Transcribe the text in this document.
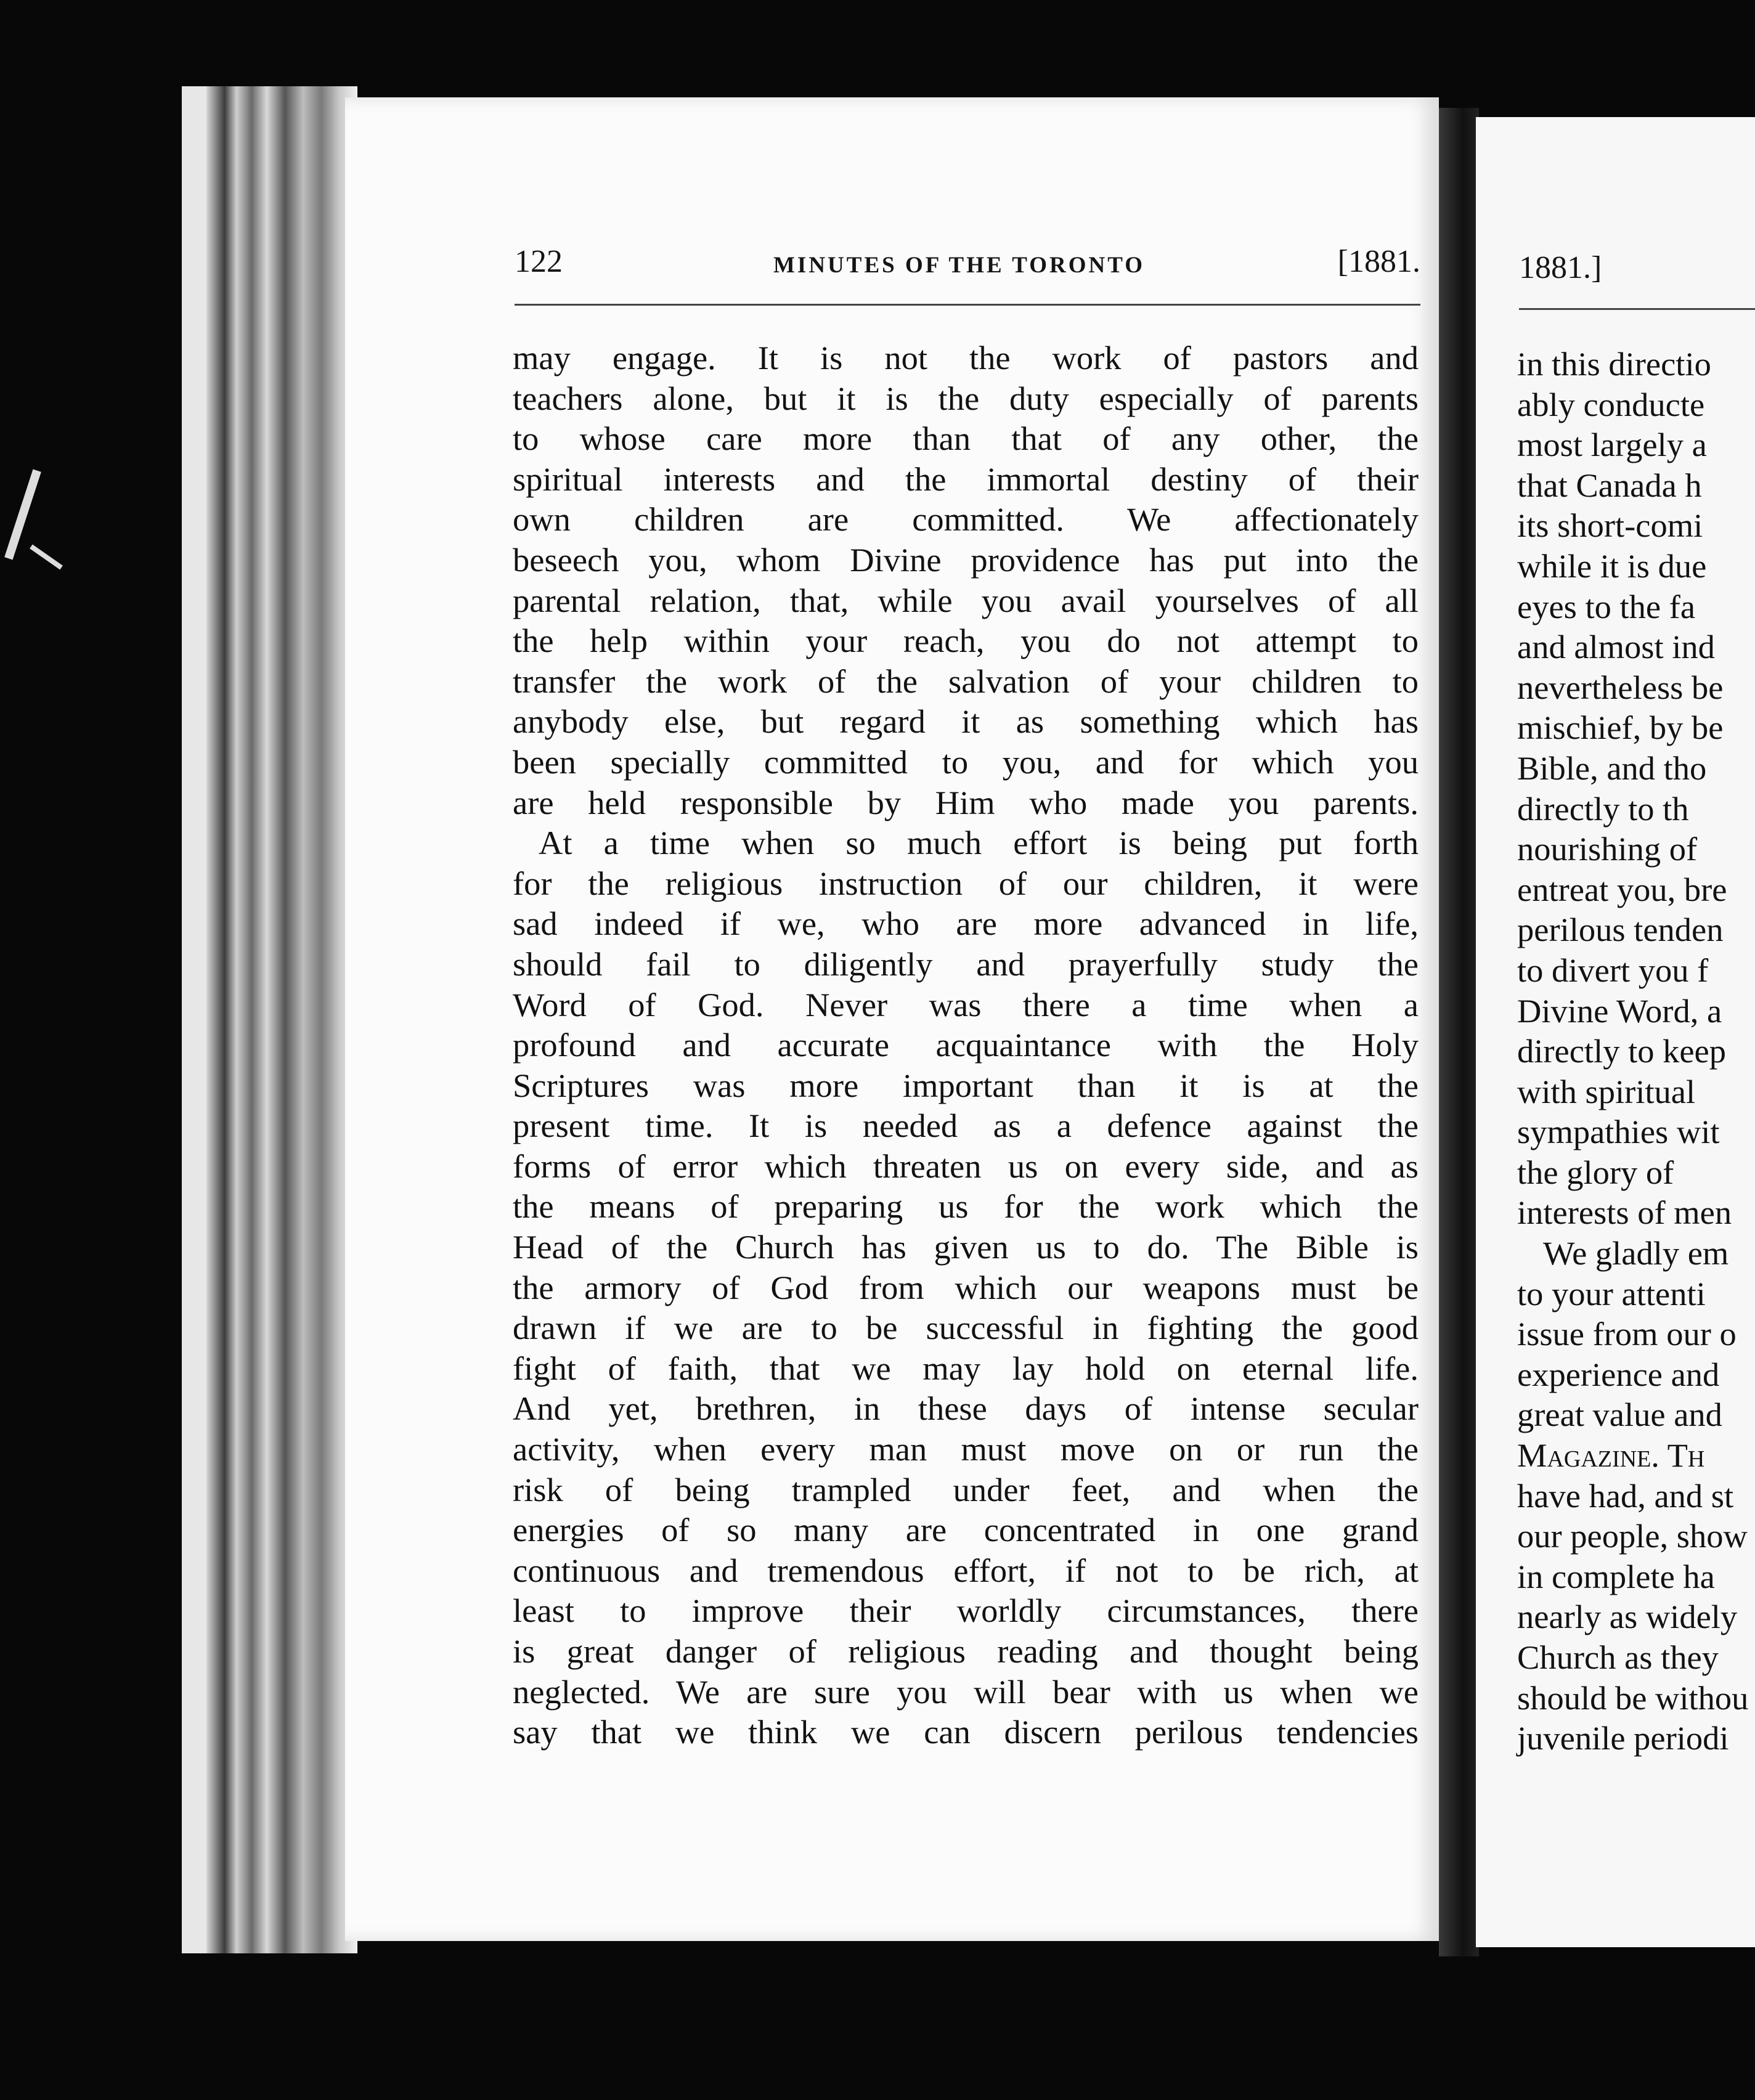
1881.]
in this directio
ably conducte
most largely a
that Canada h
its short-comi
while it is due
eyes to the fa
and almost ind
nevertheless be
mischief, by be
Bible, and tho
directly to th
nourishing of
entreat you, bre
perilous tenden
to divert you f
Divine Word, a
directly to keep
with spiritual
sympathies wit
the glory of
interests of men
We gladly em
to your attenti
issue from our o
experience and
great value and
Magazine. Th
have had, and st
our people, show
in complete ha
nearly as widely
Church as they
should be withou
juvenile periodi
122	MINUTES OF THE TORONTO	[1881.
may engage. It is not the work of pastors and
teachers alone, but it is the duty especially of parents
to whose care more than that of any other, the
spiritual interests and the immortal destiny of their
own children are committed. We affectionately
beseech you, whom Divine providence has put into the
parental relation, that, while you avail yourselves of all
the help within your reach, you do not attempt to
transfer the work of the salvation of your children to
anybody else, but regard it as something which has
been specially committed to you, and for which you
are held responsible by Him who made you parents.
At a time when so much effort is being put forth
for the religious instruction of our children, it were
sad indeed if we, who are more advanced in life,
should fail to diligently and prayerfully study the
Word of God. Never was there a time when a
profound and accurate acquaintance with the Holy
Scriptures was more important than it is at the
present time. It is needed as a defence against the
forms of error which threaten us on every side, and as
the means of preparing us for the work which the
Head of the Church has given us to do. The Bible is
the armory of God from which our weapons must be
drawn if we are to be successful in fighting the good
fight of faith, that we may lay hold on eternal life.
And yet, brethren, in these days of intense secular
activity, when every man must move on or run the
risk of being trampled under feet, and when the
energies of so many are concentrated in one grand
continuous and tremendous effort, if not to be rich, at
least to improve their worldly circumstances, there
is great danger of religious reading and thought being
neglected. We are sure you will bear with us when we
say that we think we can discern perilous tendencies
